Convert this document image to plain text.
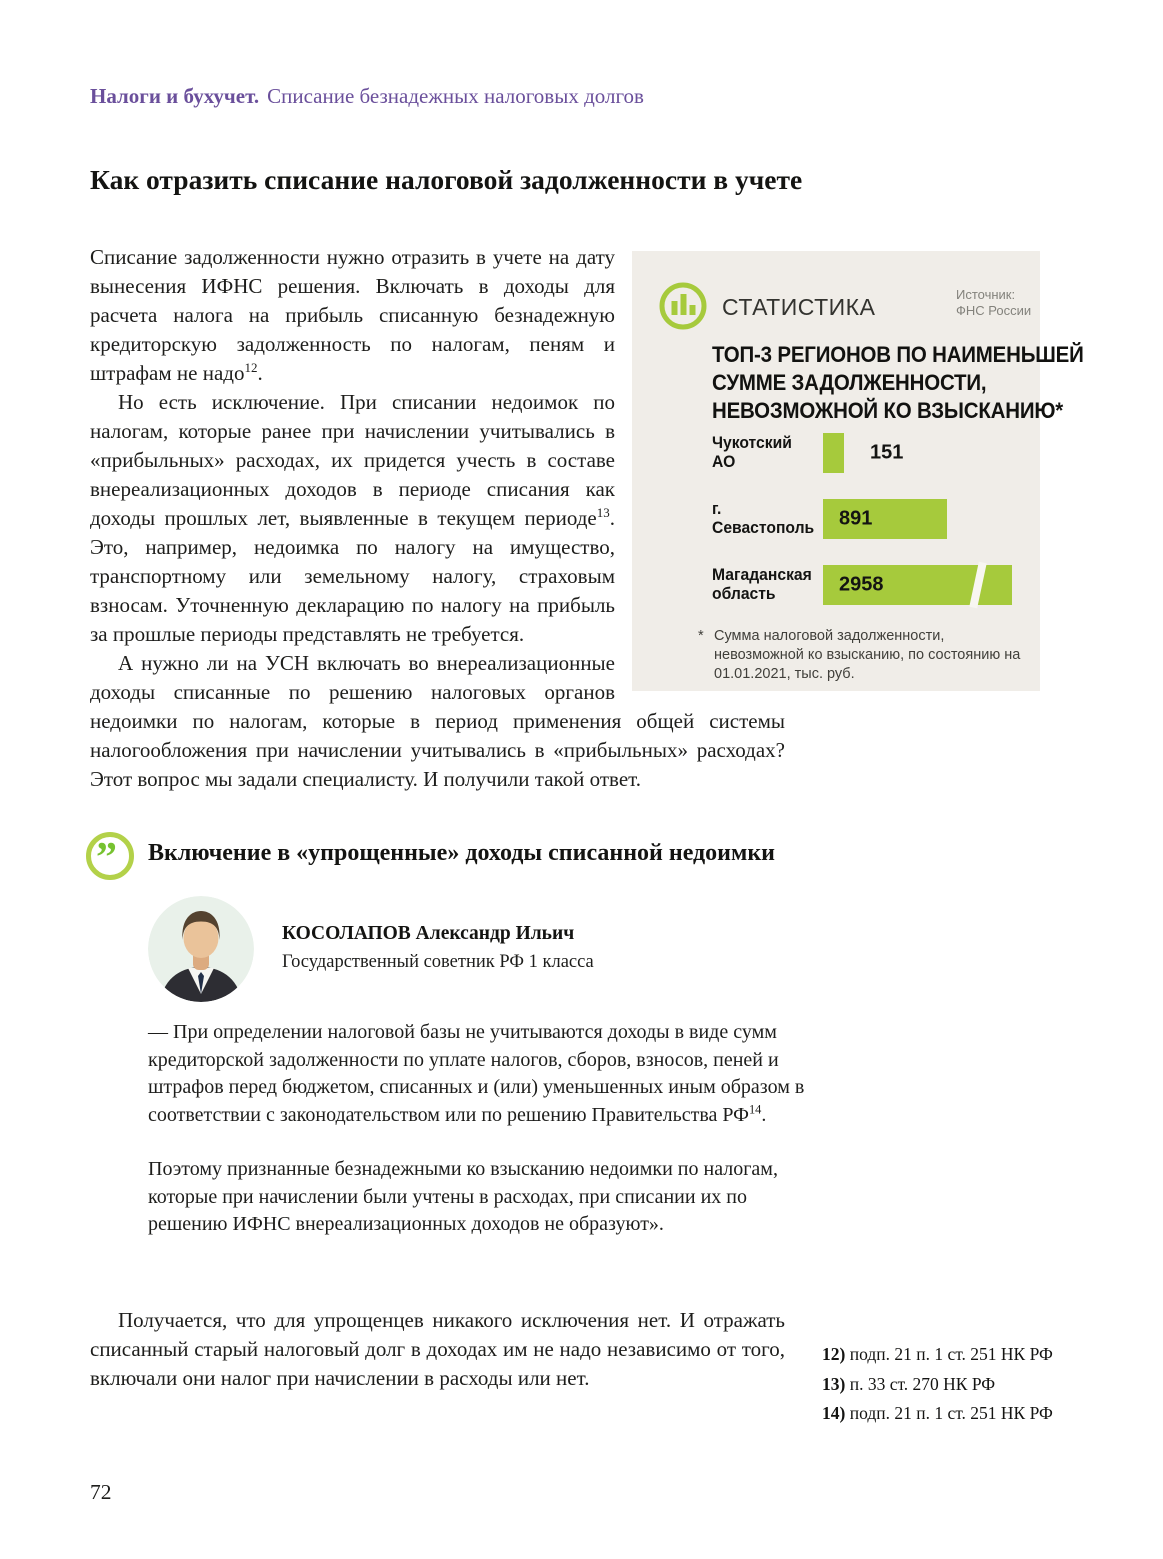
Налоги и бухучет. Списание безнадежных налоговых долгов
Как отразить списание налоговой задолженности в учете

Списание задолженности нужно отразить в учете на дату вынесения ИФНС решения. Включать в доходы для расчета налога на прибыль списанную безнадежную кредиторскую задолженность по налогам, пеням и штрафам не надо$^{12}$.

Но есть исключение. При списании недоимок по налогам, которые ранее при начислении учитывались в «прибыльных» расходах, их придется учесть в составе внереализационных доходов в периоде списания как доходы прошлых лет, выявленные в текущем периоде$^{13}$. Это, например, недоимка по налогу на имущество, транспортному или земельному налогу, страховым взносам. Уточненную декларацию по налогу на прибыль за прошлые периоды представлять не требуется.

А нужно ли на УСН включать во внереализационные доходы списанные по решению налоговых органов недоимки по налогам, которые в период применения общей системы налогообложения при начислении учитывались в «прибыльных» расходах? Этот вопрос мы задали специалисту. И получили такой ответ.

СТАТИСТИКА	Источник:
ФНС России
ТОП-3 РЕГИОНОВ ПО НАИМЕНЬШЕЙ
СУММЕ ЗАДОЛЖЕННОСТИ,
НЕВОЗМОЖНОЙ КО ВЗЫСКАНИЮ*
Чукотский АО	151
г. Севастополь 891
Магаданская область	2958
* Сумма налоговой задолженности, невозможной ко взысканию, по состоянию на 01.01.2021, тыс. руб.
” Включение в «упрощенные» доходы списанной недоимки
КОСОЛАПОВ Александр Ильич
Государственный советник РФ 1 класса

— При определении налоговой базы не учитываются доходы в виде сумм кредиторской задолженности по уплате налогов, сборов, взносов, пеней и штрафов перед бюджетом, списанных и (или) уменьшенных иным образом в соответствии с законодательством или по решению Правительства РФ$^{14}$.

Поэтому признанные безнадежными ко взысканию недоимки по налогам, которые при начислении были учтены в расходах, при списании их по решению ИФНС внереализационных доходов не образуют».

Получается, что для упрощенцев никакого исключения нет. И отражать списанный старый налоговый долг в доходах им не надо независимо от того, включали они налог при начислении в расходы или нет.

12) подп. 21 п. 1 ст. 251 НК РФ
13) п. 33 ст. 270 НК РФ
14) подп. 21 п. 1 ст. 251 НК РФ
72
